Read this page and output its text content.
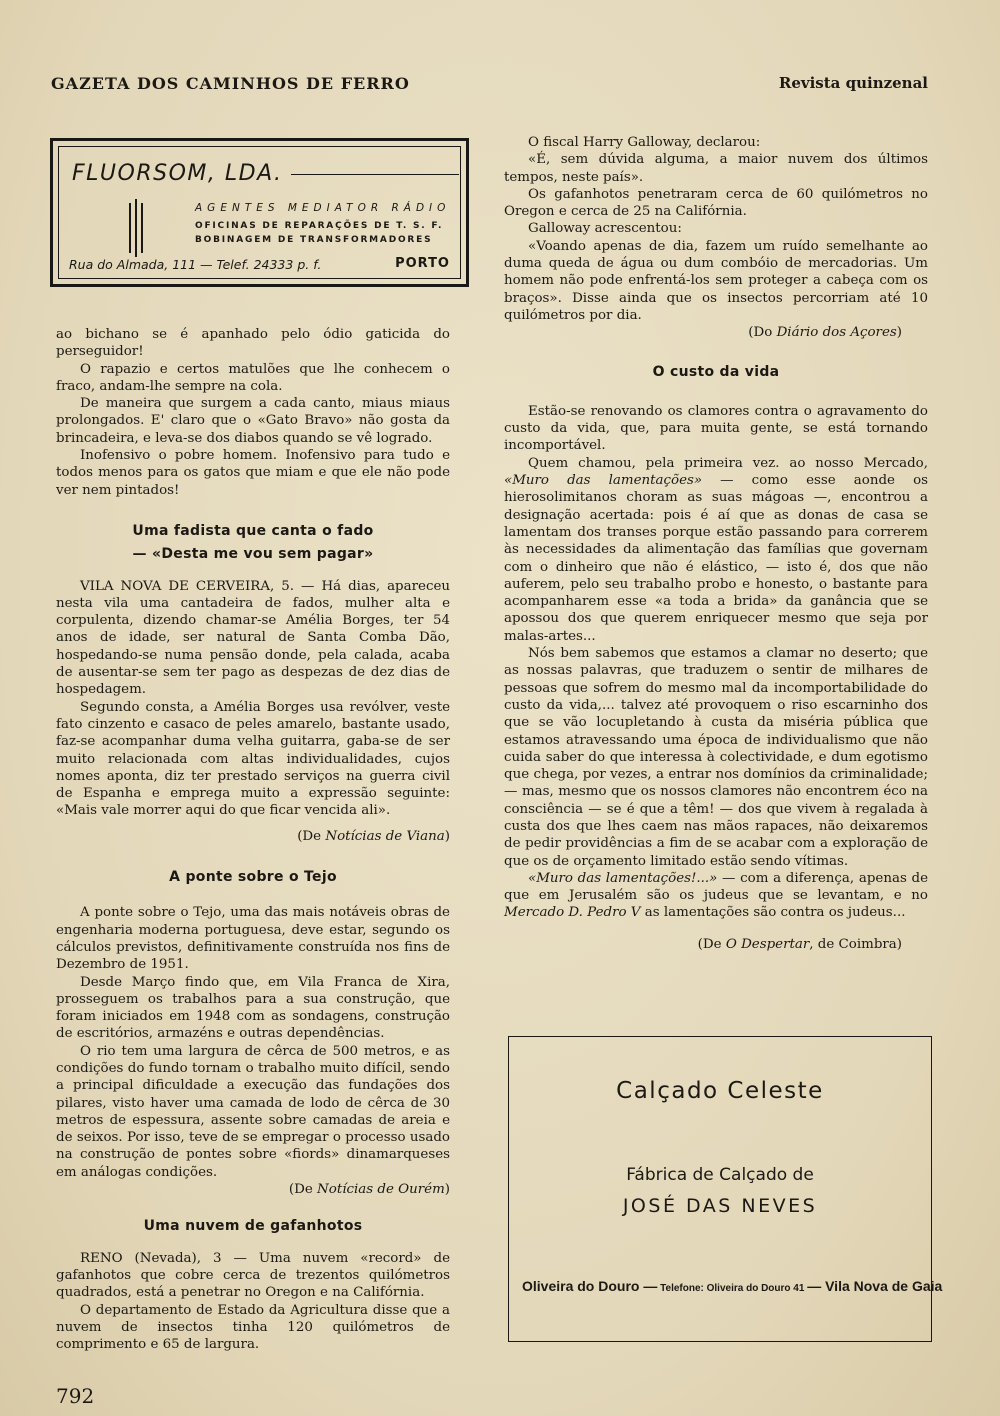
GAZETA DOS CAMINHOS DE FERRO	Revista quinzenal
FLUORSOM, LDA.
AGENTES MEDIATOR RÁDIO
OFICINAS DE REPARAÇÕES DE T. S. F.
BOBINAGEM DE TRANSFORMADORES
Rua do Almada, 111 — Telef. 24333 p. f.	PORTO

ao bichano se é apanhado pelo ódio gaticida do perseguidor!

O rapazio e certos matulões que lhe conhecem o fraco, andam-lhe sempre na cola.

De maneira que surgem a cada canto, miaus miaus prolongados. E' claro que o «Gato Bravo» não gosta da brincadeira, e leva-se dos diabos quando se vê logrado.

Inofensivo o pobre homem. Inofensivo para tudo e todos menos para os gatos que miam e que ele não pode ver nem pintados!

Uma fadista que canta o fado
— «Desta me vou sem pagar»

VILA NOVA DE CERVEIRA, 5. — Há dias, apareceu nesta vila uma cantadeira de fados, mulher alta e corpulenta, dizendo chamar-se Amélia Borges, ter 54 anos de idade, ser natural de Santa Comba Dão, hospedando-se numa pensão donde, pela calada, acaba de ausentar-se sem ter pago as despezas de dez dias de hospedagem.

Segundo consta, a Amélia Borges usa revólver, veste fato cinzento e casaco de peles amarelo, bastante usado, faz-se acompanhar duma velha guitarra, gaba-se de ser muito relacionada com altas individualidades, cujos nomes aponta, diz ter prestado serviços na guerra civil de Espanha e emprega muito a expressão seguinte: «Mais vale morrer aqui do que ficar vencida ali».

(De Notícias de Viana)

A ponte sobre o Tejo

A ponte sobre o Tejo, uma das mais notáveis obras de engenharia moderna portuguesa, deve estar, segundo os cálculos previstos, definitivamente construída nos fins de Dezembro de 1951.

Desde Março findo que, em Vila Franca de Xira, prosseguem os trabalhos para a sua construção, que foram iniciados em 1948 com as sondagens, construção de escritórios, armazéns e outras dependências.

O rio tem uma largura de cêrca de 500 metros, e as condições do fundo tornam o trabalho muito difícil, sendo a principal dificuldade a execução das fundações dos pilares, visto haver uma camada de lodo de cêrca de 30 metros de espessura, assente sobre camadas de areia e de seixos. Por isso, teve de se empregar o processo usado na construção de pontes sobre «fiords» dinamarqueses em análogas condições.

(De Notícias de Ourém)

Uma nuvem de gafanhotos

RENO (Nevada), 3 — Uma nuvem «record» de gafanhotos que cobre cerca de trezentos quilómetros quadrados, está a penetrar no Oregon e na Califórnia.

O departamento de Estado da Agricultura disse que a nuvem de insectos tinha 120 quilómetros de comprimento e 65 de largura.

O fiscal Harry Galloway, declarou:

«É, sem dúvida alguma, a maior nuvem dos últimos tempos, neste país».

Os gafanhotos penetraram cerca de 60 quilómetros no Oregon e cerca de 25 na Califórnia.

Galloway acrescentou:

«Voando apenas de dia, fazem um ruído semelhante ao duma queda de água ou dum combóio de mercadorias. Um homem não pode enfrentá-los sem proteger a cabeça com os braços». Disse ainda que os insectos percorriam até 10 quilómetros por dia.

(Do Diário dos Açores)

O custo da vida

Estão-se renovando os clamores contra o agravamento do custo da vida, que, para muita gente, se está tornando incomportável.

Quem chamou, pela primeira vez. ao nosso Mercado, «Muro das lamentações» — como esse aonde os hierosolimitanos choram as suas mágoas —, encontrou a designação acertada: pois é aí que as donas de casa se lamentam dos transes porque estão passando para correrem às necessidades da alimentação das famílias que governam com o dinheiro que não é elástico, — isto é, dos que não auferem, pelo seu trabalho probo e honesto, o bastante para acompanharem esse «a toda a brida» da ganância que se apossou dos que querem enriquecer mesmo que seja por malas-artes...

Nós bem sabemos que estamos a clamar no deserto; que as nossas palavras, que traduzem o sentir de milhares de pessoas que sofrem do mesmo mal da incomportabilidade do custo da vida,... talvez até provoquem o riso escarninho dos que se vão locupletando à custa da miséria pública que estamos atravessando uma época de individualismo que não cuida saber do que interessa à colectividade, e dum egotismo que chega, por vezes, a entrar nos domínios da criminalidade; — mas, mesmo que os nossos clamores não encontrem éco na consciência — se é que a têm! — dos que vivem à regalada à custa dos que lhes caem nas mãos rapaces, não deixaremos de pedir providências a fim de se acabar com a exploração de que os de orçamento limitado estão sendo vítimas.

«Muro das lamentações!...» — com a diferença, apenas de que em Jerusalém são os judeus que se levantam, e no Mercado D. Pedro V as lamentações são contra os judeus...

(De O Despertar, de Coimbra)

Calçado Celeste
Fábrica de Calçado de
JOSÉ DAS NEVES
Oliveira do Douro — Telefone: Oliveira do Douro 41 — Vila Nova de Gaia
792
